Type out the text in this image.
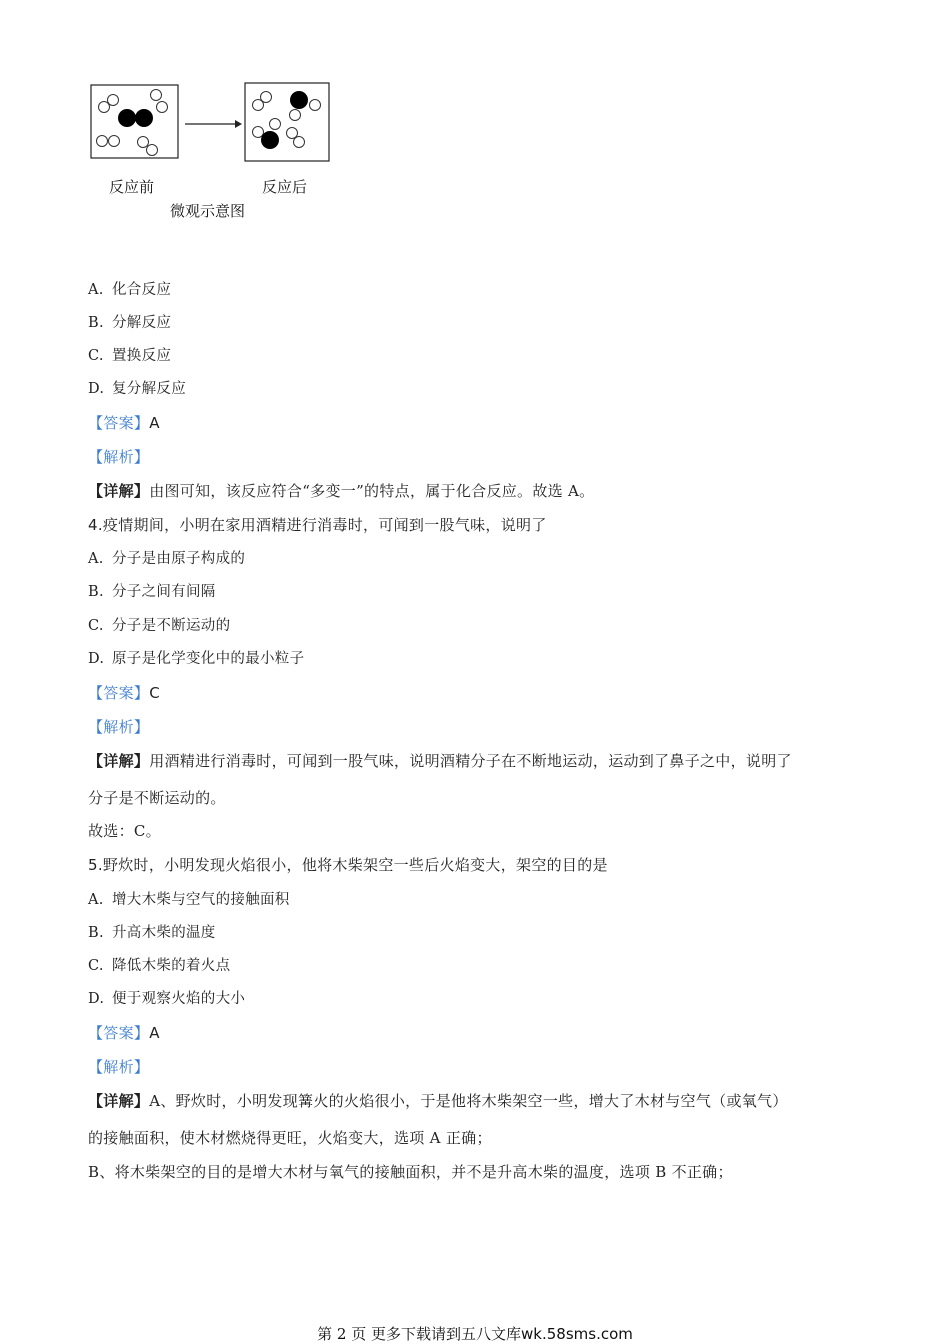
反应前	反应后
微观示意图
A. 化合反应
B. 分解反应
C. 置换反应
D. 复分解反应
【答案】A
【解析】
【详解】由图可知，该反应符合“多变一”的特点，属于化合反应。故选 A。
4.疫情期间，小明在家用酒精进行消毒时，可闻到一股气味，说明了
A. 分子是由原子构成的
B. 分子之间有间隔
C. 分子是不断运动的
D. 原子是化学变化中的最小粒子
【答案】C
【解析】
【详解】用酒精进行消毒时，可闻到一股气味，说明酒精分子在不断地运动，运动到了鼻子之中，说明了
分子是不断运动的。
故选：C。
5.野炊时，小明发现火焰很小，他将木柴架空一些后火焰变大，架空的目的是
A. 增大木柴与空气的接触面积
B. 升高木柴的温度
C. 降低木柴的着火点
D. 便于观察火焰的大小
【答案】A
【解析】
【详解】A、野炊时，小明发现篝火的火焰很小，于是他将木柴架空一些，增大了木材与空气（或氧气）
的接触面积，使木材燃烧得更旺，火焰变大，选项 A 正确；
B、将木柴架空的目的是增大木材与氧气的接触面积，并不是升高木柴的温度，选项 B 不正确；
第 2 页 更多下载请到五八文库wk.58sms.com
